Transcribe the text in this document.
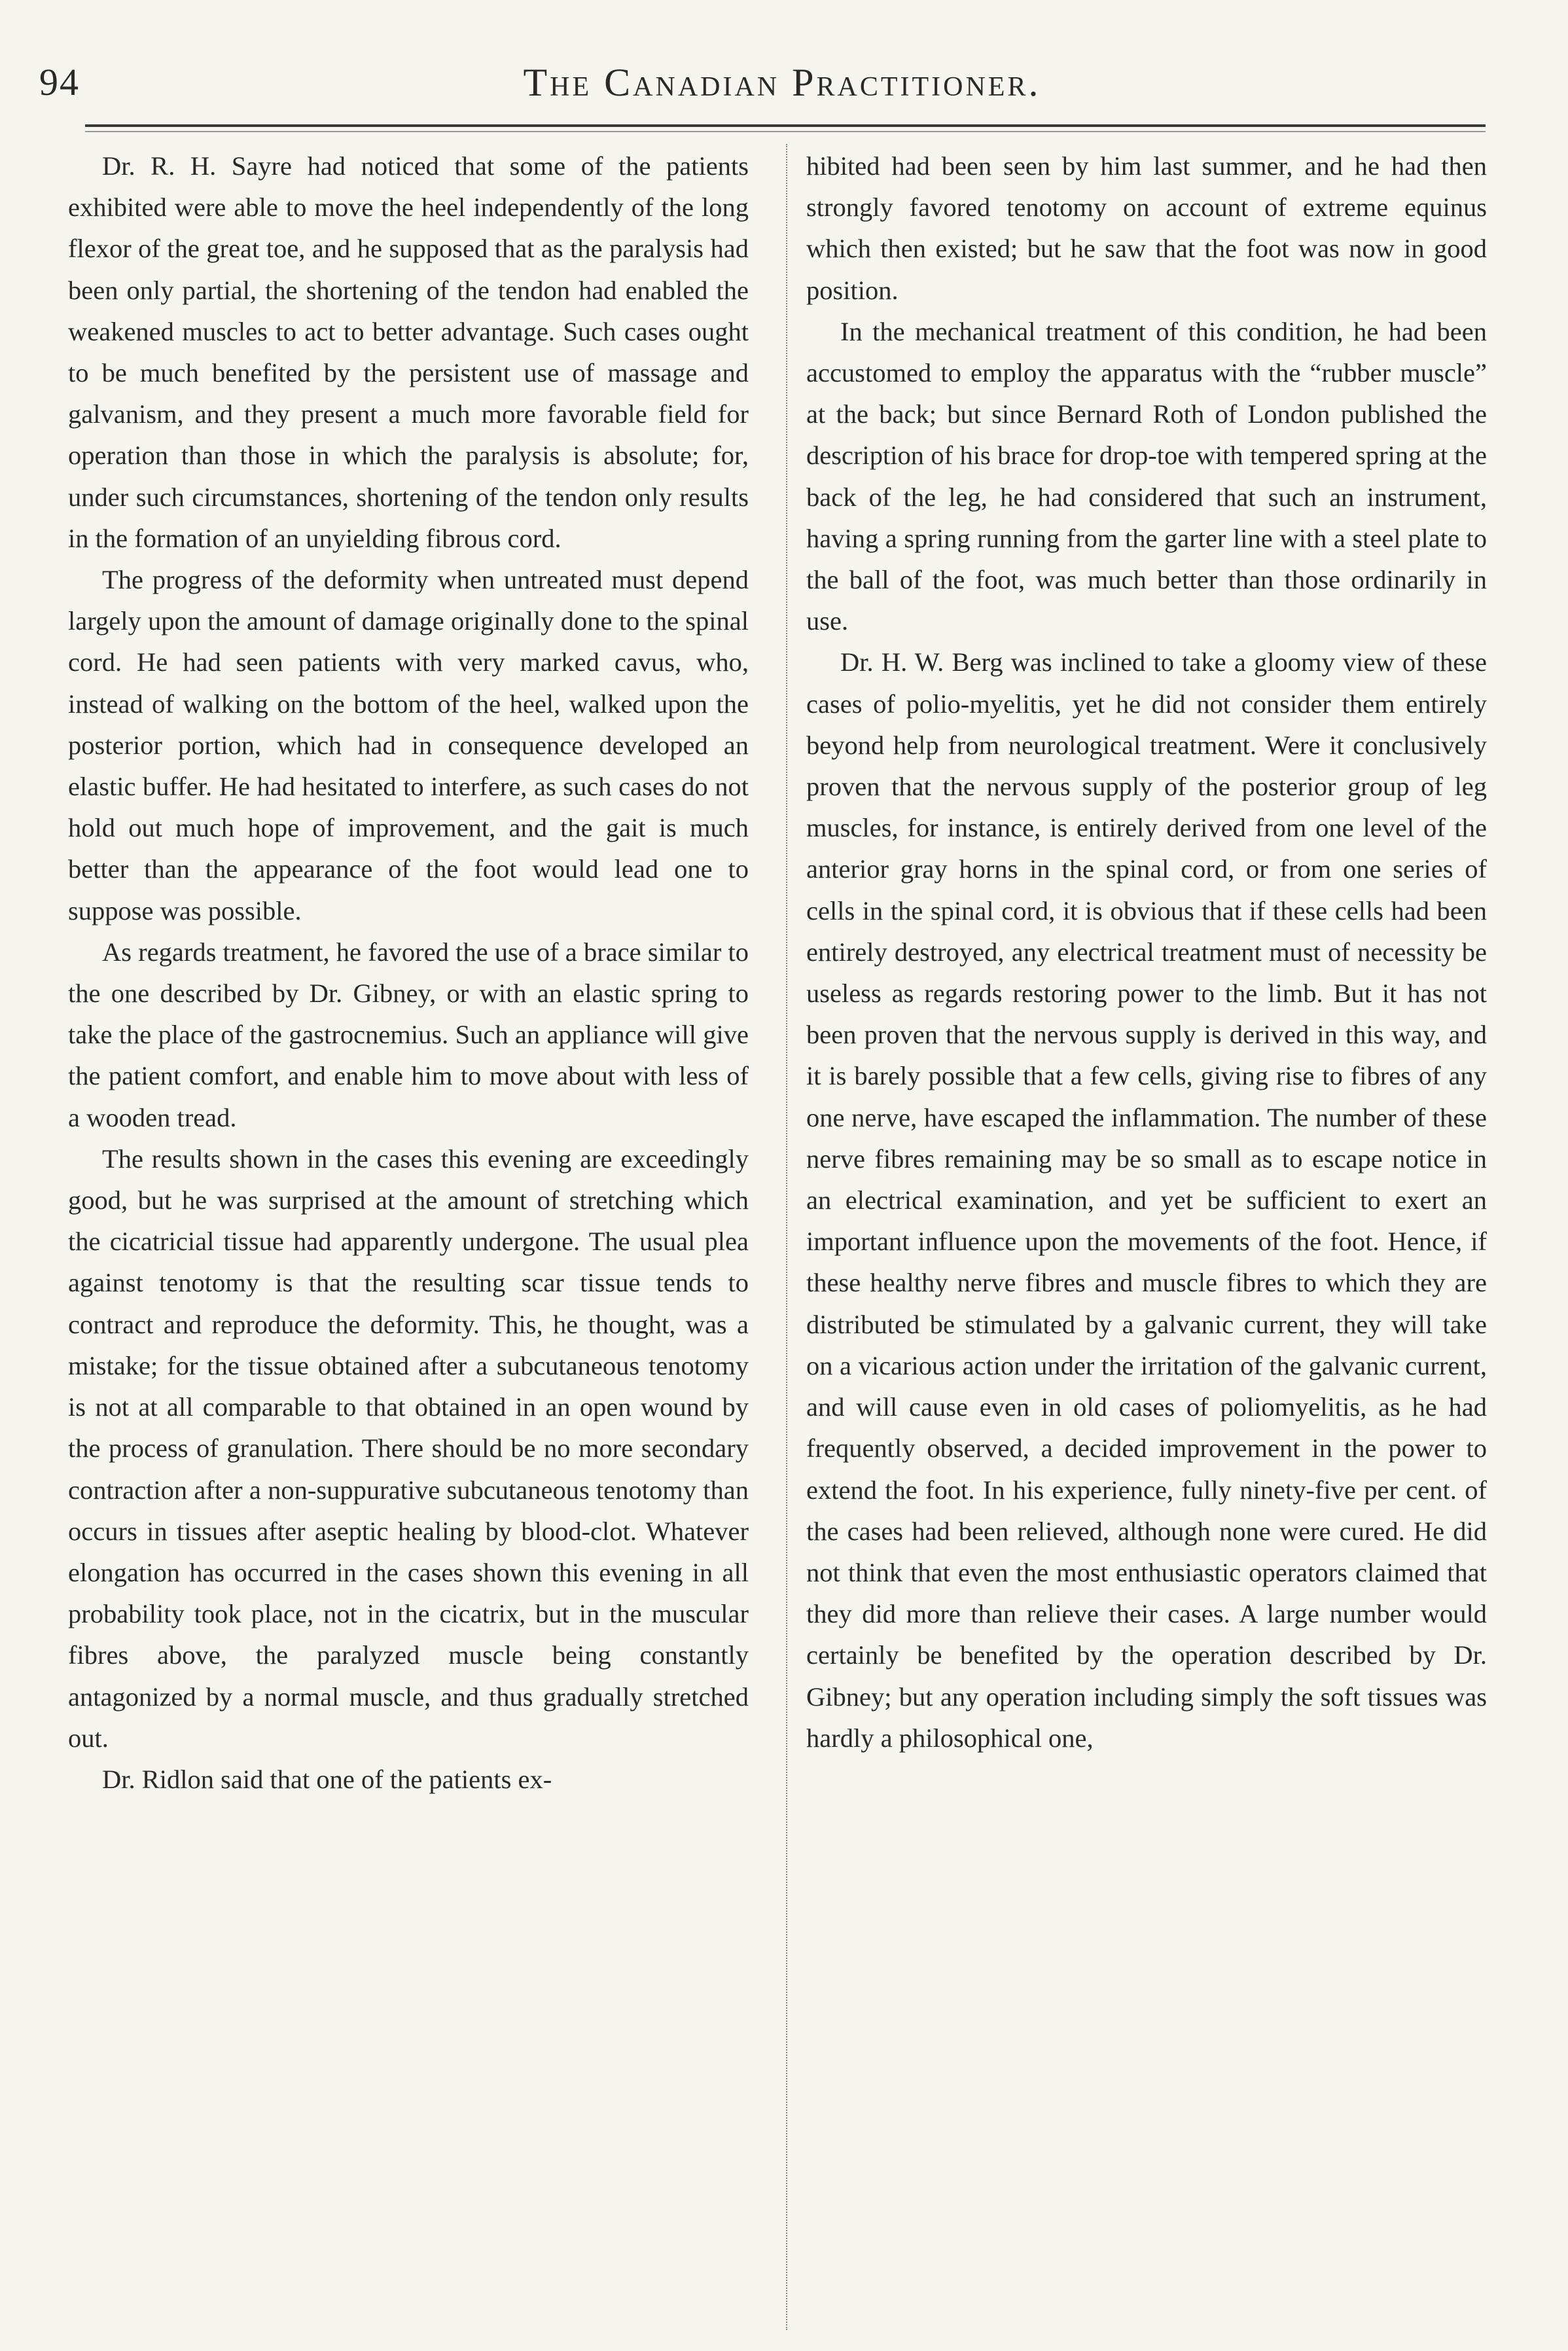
94	The Canadian Practitioner.

Dr. R. H. Sayre had noticed that some of the patients exhibited were able to move the heel independently of the long flexor of the great toe, and he supposed that as the paralysis had been only partial, the shortening of the tendon had enabled the weakened muscles to act to better advantage. Such cases ought to be much benefited by the persistent use of massage and galvanism, and they present a much more favorable field for operation than those in which the paralysis is absolute; for, under such circumstances, shortening of the tendon only results in the formation of an unyielding fibrous cord.

The progress of the deformity when untreated must depend largely upon the amount of damage originally done to the spinal cord. He had seen patients with very marked cavus, who, instead of walking on the bottom of the heel, walked upon the posterior portion, which had in consequence developed an elastic buffer. He had hesitated to interfere, as such cases do not hold out much hope of improvement, and the gait is much better than the appearance of the foot would lead one to suppose was possible.

As regards treatment, he favored the use of a brace similar to the one described by Dr. Gibney, or with an elastic spring to take the place of the gastrocnemius. Such an appliance will give the patient comfort, and enable him to move about with less of a wooden tread.

The results shown in the cases this evening are exceedingly good, but he was surprised at the amount of stretching which the cicatricial tissue had apparently undergone. The usual plea against tenotomy is that the resulting scar tissue tends to contract and reproduce the deformity. This, he thought, was a mistake; for the tissue obtained after a subcutaneous tenotomy is not at all comparable to that obtained in an open wound by the process of granulation. There should be no more secondary contraction after a non-suppurative subcutaneous tenotomy than occurs in tissues after aseptic healing by blood-clot. Whatever elongation has occurred in the cases shown this evening in all probability took place, not in the cicatrix, but in the muscular fibres above, the paralyzed muscle being constantly antagonized by a normal muscle, and thus gradually stretched out.

Dr. Ridlon said that one of the patients ex-

hibited had been seen by him last summer, and he had then strongly favored tenotomy on account of extreme equinus which then existed; but he saw that the foot was now in good position.

In the mechanical treatment of this condition, he had been accustomed to employ the apparatus with the “rubber muscle” at the back; but since Bernard Roth of London published the description of his brace for drop-toe with tempered spring at the back of the leg, he had considered that such an instrument, having a spring running from the garter line with a steel plate to the ball of the foot, was much better than those ordinarily in use.

Dr. H. W. Berg was inclined to take a gloomy view of these cases of polio-myelitis, yet he did not consider them entirely beyond help from neurological treatment. Were it conclusively proven that the nervous supply of the posterior group of leg muscles, for instance, is entirely derived from one level of the anterior gray horns in the spinal cord, or from one series of cells in the spinal cord, it is obvious that if these cells had been entirely destroyed, any electrical treatment must of necessity be useless as regards restoring power to the limb. But it has not been proven that the nervous supply is derived in this way, and it is barely possible that a few cells, giving rise to fibres of any one nerve, have escaped the inflammation. The number of these nerve fibres remaining may be so small as to escape notice in an electrical examination, and yet be sufficient to exert an important influence upon the movements of the foot. Hence, if these healthy nerve fibres and muscle fibres to which they are distributed be stimulated by a galvanic current, they will take on a vicarious action under the irritation of the galvanic current, and will cause even in old cases of poliomyelitis, as he had frequently observed, a decided improvement in the power to extend the foot. In his experience, fully ninety-five per cent. of the cases had been relieved, although none were cured. He did not think that even the most enthusiastic operators claimed that they did more than relieve their cases. A large number would certainly be benefited by the operation described by Dr. Gibney; but any operation including simply the soft tissues was hardly a philosophical one,
